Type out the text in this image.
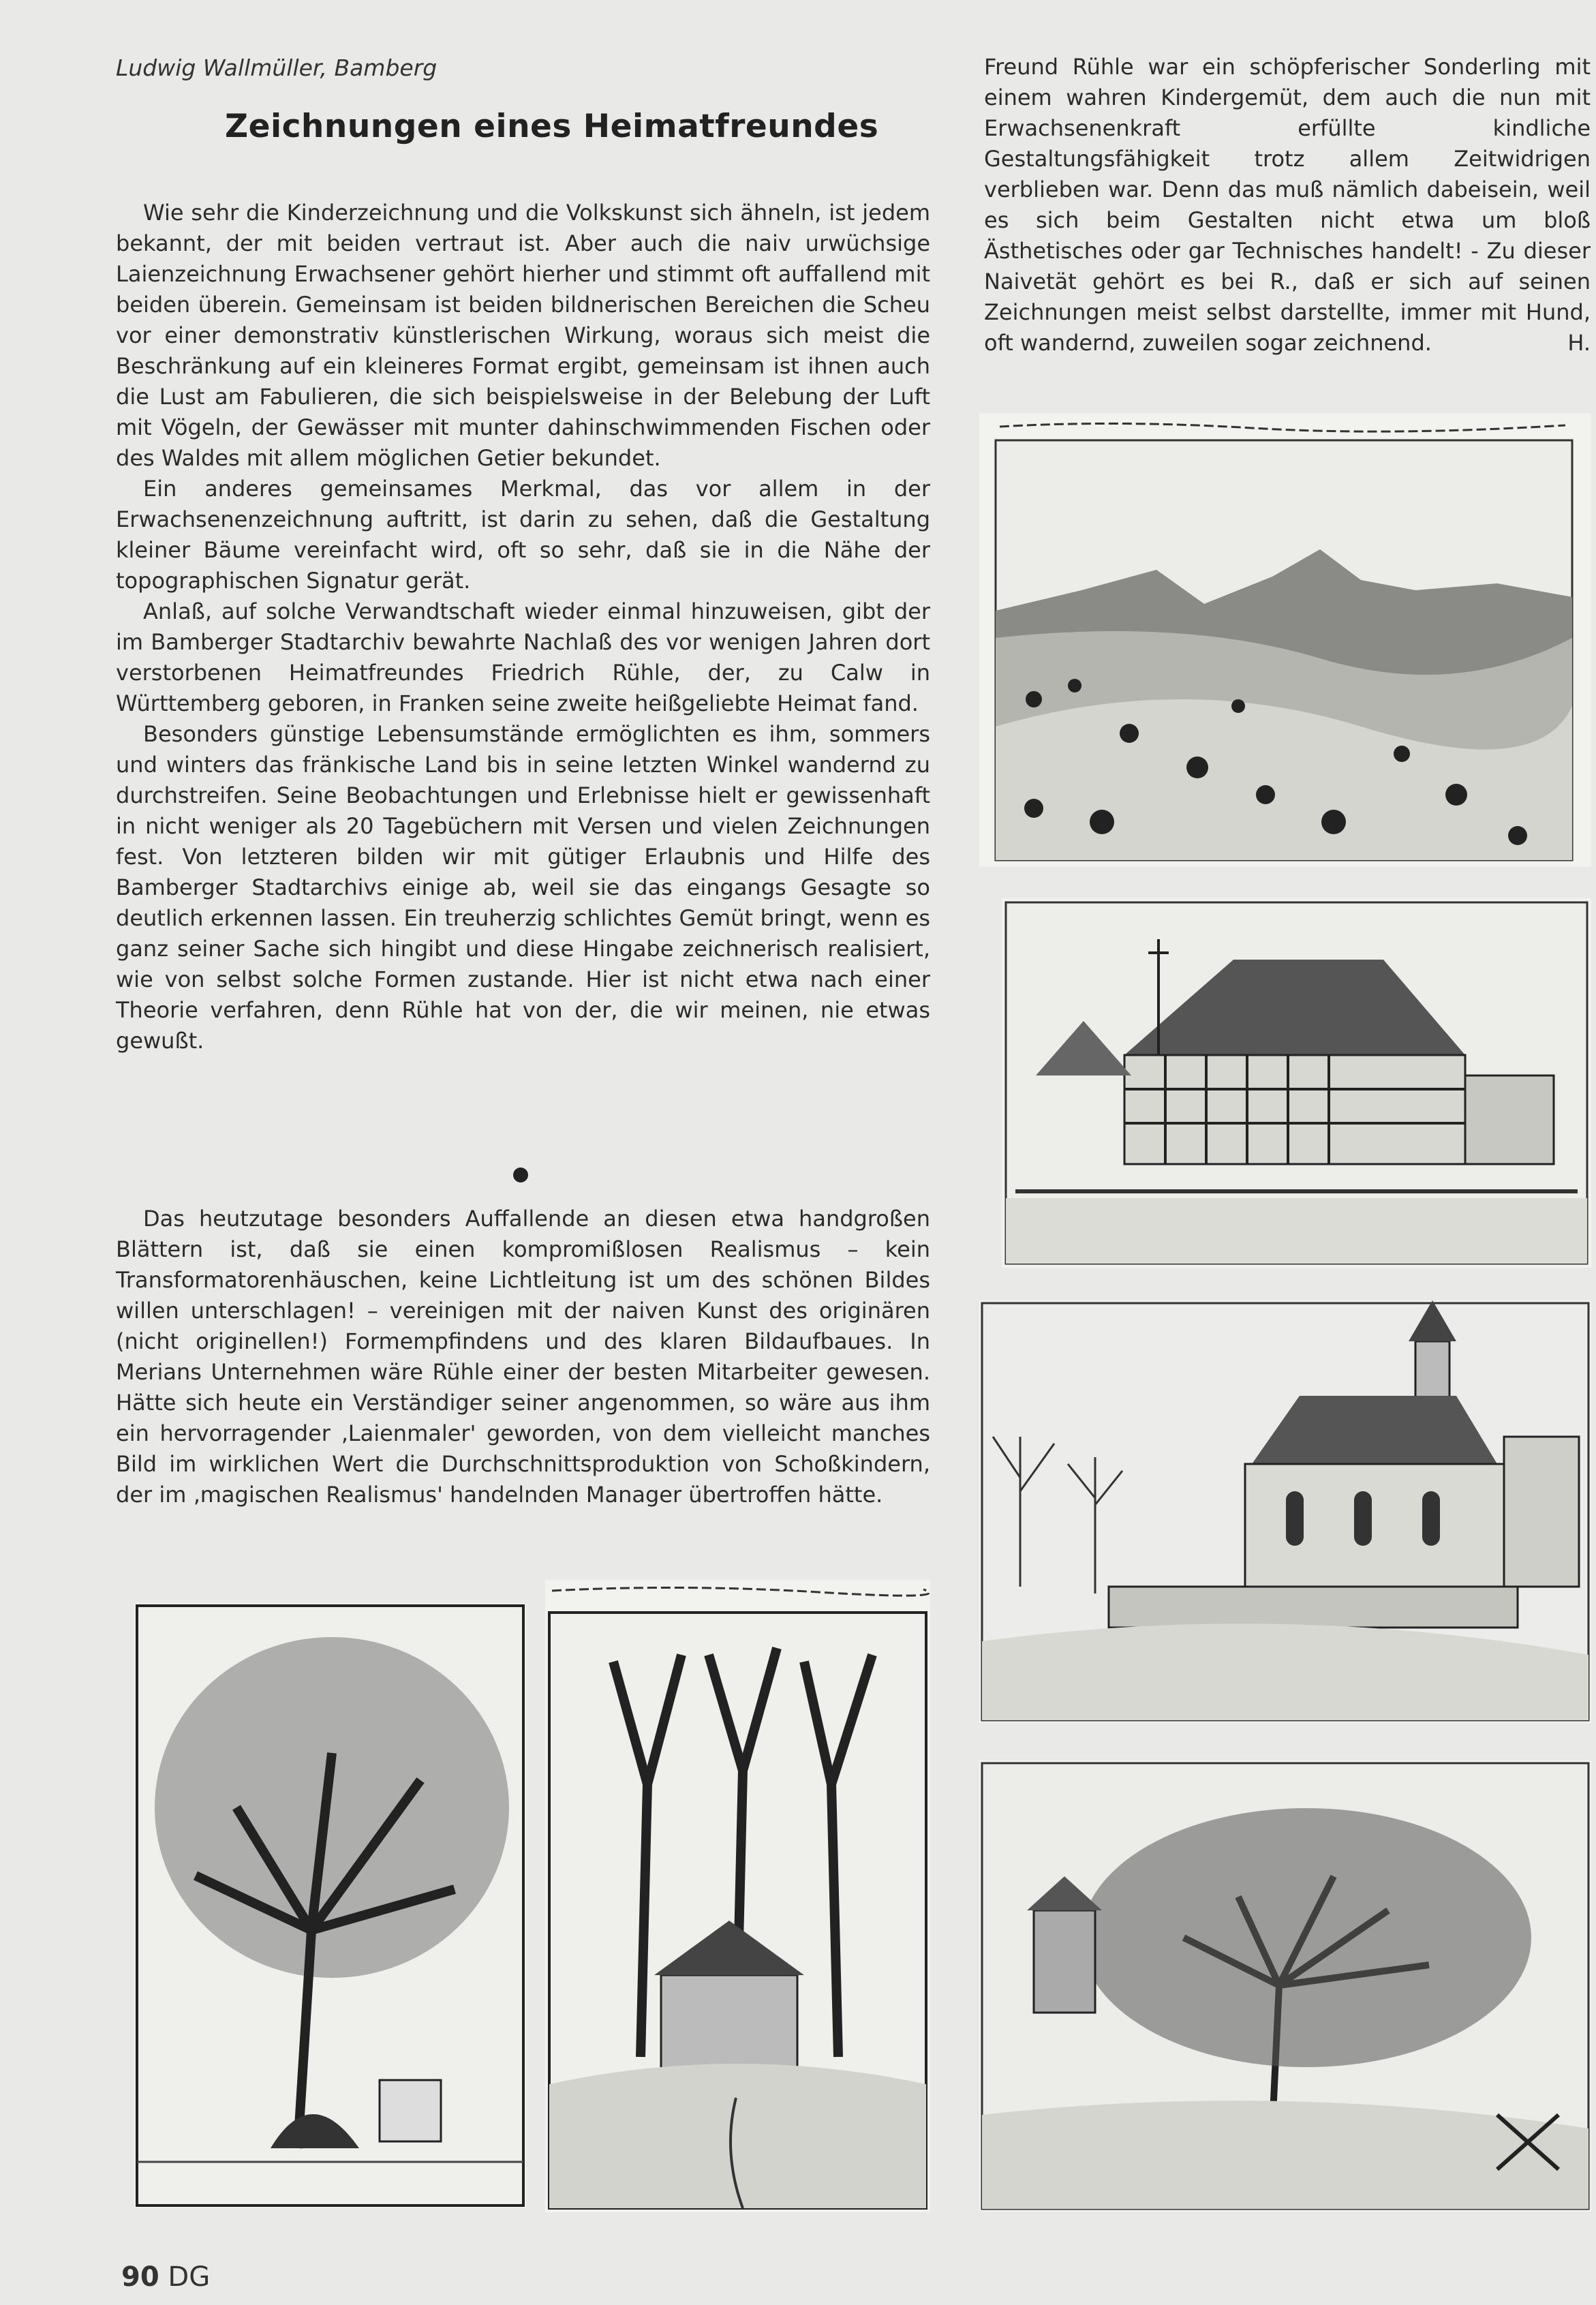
Ludwig Wallmüller, Bamberg
Zeichnungen eines Heimatfreundes

Wie sehr die Kinderzeichnung und die Volkskunst sich ähneln, ist jedem bekannt, der mit beiden vertraut ist. Aber auch die naiv urwüchsige Laienzeichnung Erwachsener gehört hierher und stimmt oft auffallend mit beiden überein. Gemeinsam ist beiden bildnerischen Bereichen die Scheu vor einer demonstrativ künstlerischen Wirkung, woraus sich meist die Beschränkung auf ein kleineres Format ergibt, gemeinsam ist ihnen auch die Lust am Fabulieren, die sich beispielsweise in der Belebung der Luft mit Vögeln, der Gewässer mit munter dahinschwimmenden Fischen oder des Waldes mit allem möglichen Getier bekundet.

Ein anderes gemeinsames Merkmal, das vor allem in der Erwachsenenzeichnung auftritt, ist darin zu sehen, daß die Gestaltung kleiner Bäume vereinfacht wird, oft so sehr, daß sie in die Nähe der topographischen Signatur gerät.

Anlaß, auf solche Verwandtschaft wieder einmal hinzuweisen, gibt der im Bamberger Stadtarchiv bewahrte Nachlaß des vor wenigen Jahren dort verstorbenen Heimatfreundes Friedrich Rühle, der, zu Calw in Württemberg geboren, in Franken seine zweite heißgeliebte Heimat fand.

Besonders günstige Lebensumstände ermöglichten es ihm, sommers und winters das fränkische Land bis in seine letzten Winkel wandernd zu durchstreifen. Seine Beobachtungen und Erlebnisse hielt er gewissenhaft in nicht weniger als 20 Tagebüchern mit Versen und vielen Zeichnungen fest. Von letzteren bilden wir mit gütiger Erlaubnis und Hilfe des Bamberger Stadtarchivs einige ab, weil sie das eingangs Gesagte so deutlich erkennen lassen. Ein treuherzig schlichtes Gemüt bringt, wenn es ganz seiner Sache sich hingibt und diese Hingabe zeichnerisch realisiert, wie von selbst solche Formen zustande. Hier ist nicht etwa nach einer Theorie verfahren, denn Rühle hat von der, die wir meinen, nie etwas gewußt.

Das heutzutage besonders Auffallende an diesen etwa handgroßen Blättern ist, daß sie einen kompromißlosen Realismus – kein Transformatorenhäuschen, keine Lichtleitung ist um des schönen Bildes willen unterschlagen! – vereinigen mit der naiven Kunst des originären (nicht originellen!) Formempfindens und des klaren Bildaufbaues. In Merians Unternehmen wäre Rühle einer der besten Mitarbeiter gewesen. Hätte sich heute ein Verständiger seiner angenommen, so wäre aus ihm ein hervorragender ‚Laienmaler' geworden, von dem vielleicht manches Bild im wirklichen Wert die Durchschnittsproduktion von Schoßkindern, der im ‚magischen Realismus' handelnden Manager übertroffen hätte.

Freund Rühle war ein schöpferischer Sonderling mit einem wahren Kindergemüt, dem auch die nun mit Erwachsenenkraft erfüllte kindliche Gestaltungsfähigkeit trotz allem Zeitwidrigen verblieben war. Denn das muß nämlich dabeisein, weil es sich beim Gestalten nicht etwa um bloß Ästhetisches oder gar Technisches handelt! - Zu dieser Naivetät gehört es bei R., daß er sich auf seinen Zeichnungen meist selbst darstellte, immer mit Hund, oft wandernd, zuweilen sogar zeichnend.	H.

90 DG
